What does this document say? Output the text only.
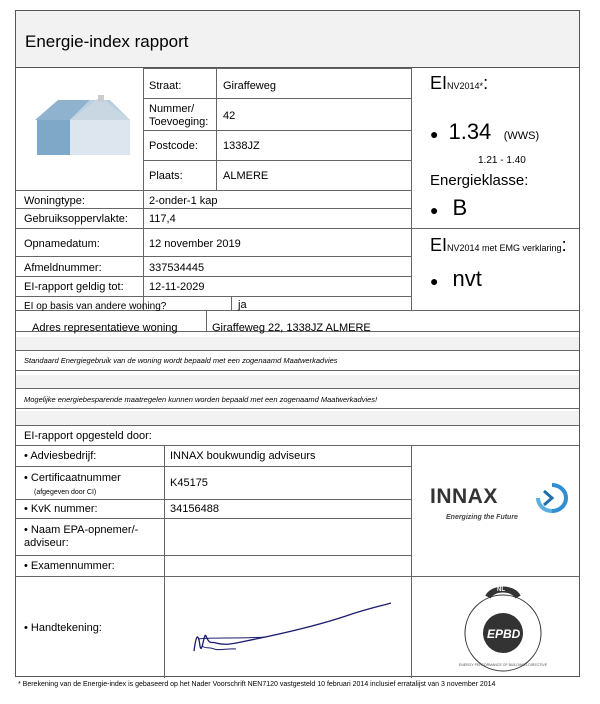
Energie-index rapport
Straat:	Giraffeweg
Nummer/ Toevoeging:	42
Postcode: 1338JZ
Plaats:	ALMERE
Woningtype:	2-onder-1 kap
Gebruiksoppervlakte: 117,4
Opnamedatum:	12 november 2019
Afmeldnummer:	337534445
EI-rapport geldig tot: 12-11-2029
EINV2014*:
● 1.34 (WWS)
1.21 - 1.40
Energieklasse:
● B
EINV2014 met EMG verklaring:
● nvt
EI op basis van andere woning?	ja
Adres representatieve woning	Giraffeweg 22, 1338JZ ALMERE
Standaard Energiegebruik van de woning wordt bepaald met een zogenaamd Maatwerkadvies
Mogelijke energiebesparende maatregelen kunnen worden bepaald met een zogenaamd Maatwerkadvies!
EI-rapport opgesteld door:
• Adviesbedrijf:	INNAX boukwundig adviseurs
• Certificaatnummer
(afgegeven door CI)
K45175
• KvK nummer:	34156488
• Naam EPA-opnemer/-adviseur:
• Examennummer:
• Handtekening:
INNAX
Energizing the Future
EPBD
NL
ENERGY PERFORMANCE OF BUILDINGS DIRECTIVE
* Berekening van de Energie-index is gebaseerd op het Nader Voorschrift NEN7120 vastgesteld 10 februari 2014 inclusief erratalijst van 3 november 2014
